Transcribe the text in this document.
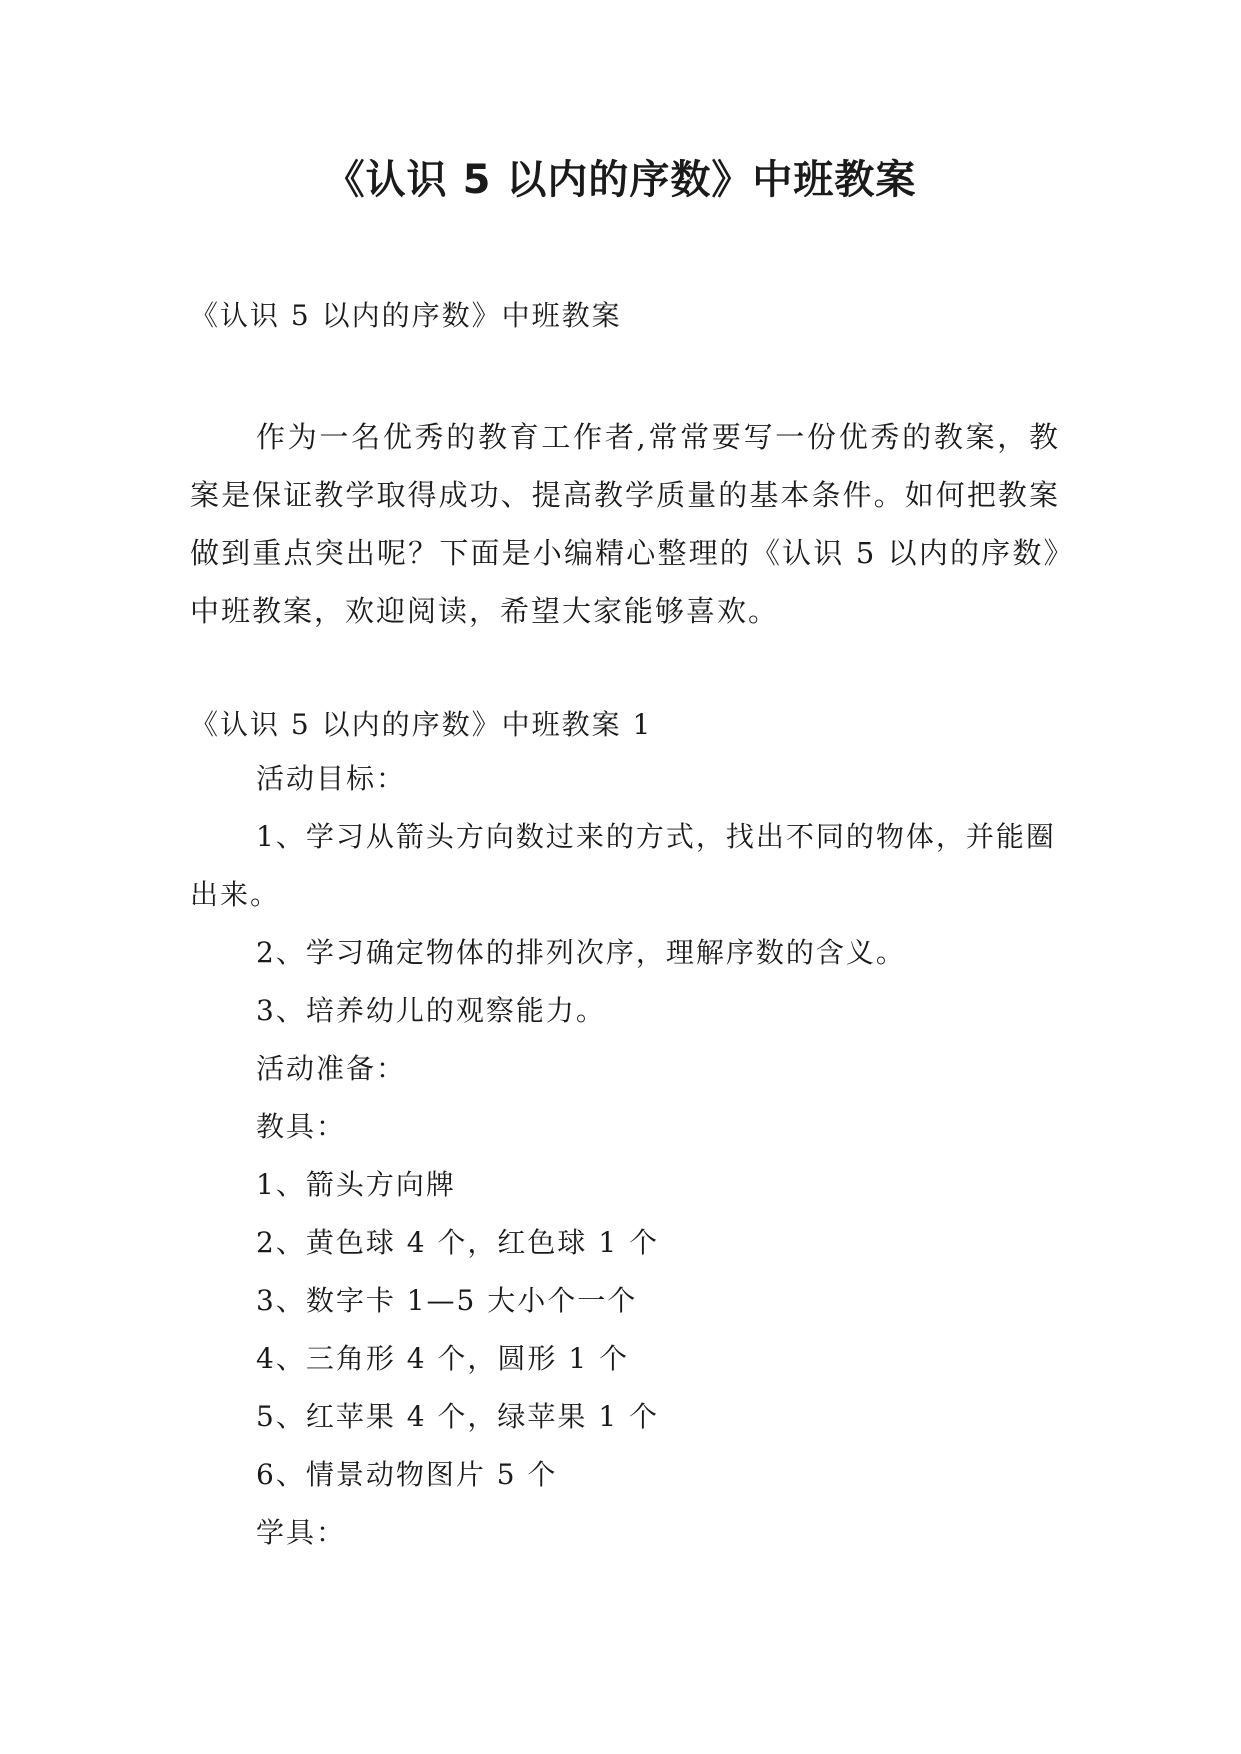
《认识 5 以内的序数》中班教案

《认识 5 以内的序数》中班教案

作为一名优秀的教育工作者,常常要写一份优秀的教案，教案是保证教学取得成功、提高教学质量的基本条件。如何把教案做到重点突出呢？下面是小编精心整理的《认识 5 以内的序数》中班教案，欢迎阅读，希望大家能够喜欢。

《认识 5 以内的序数》中班教案 1

活动目标：

1、学习从箭头方向数过来的方式，找出不同的物体，并能圈出来。

2、学习确定物体的排列次序，理解序数的含义。

3、培养幼儿的观察能力。

活动准备：

教具：

1、箭头方向牌

2、黄色球 4 个，红色球 1 个

3、数字卡 1—5 大小个一个

4、三角形 4 个，圆形 1 个

5、红苹果 4 个，绿苹果 1 个

6、情景动物图片 5 个

学具：
